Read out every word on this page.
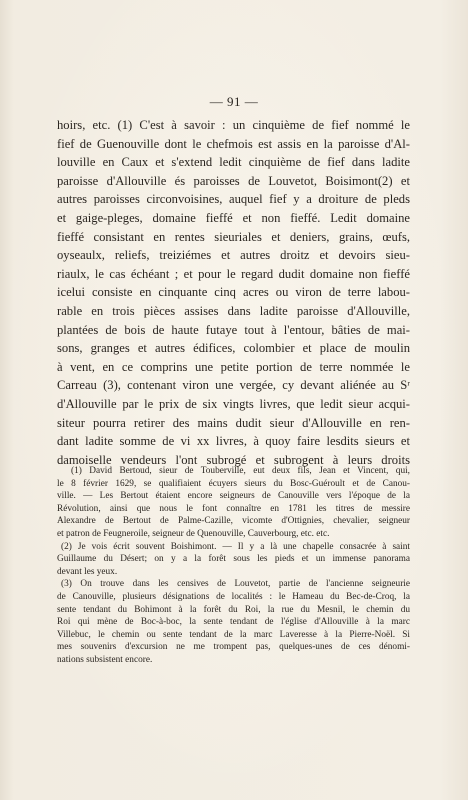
— 91 —
hoirs, etc. (1) C'est à savoir : un cinquième de fief nommé le
fief de Guenouville dont le chefmois est assis en la paroisse d'Al-
louville en Caux et s'extend ledit cinquième de fief dans ladite
paroisse d'Allouville és paroisses de Louvetot, Boisimont(2) et
autres paroisses circonvoisines, auquel fief y a droiture de pleds
et gaige-pleges, domaine fieffé et non fieffé. Ledit domaine
fieffé consistant en rentes sieuriales et deniers, grains, œufs,
oyseaulx, reliefs, treiziémes et autres droitz et devoirs sieu-
riaulx, le cas échéant ; et pour le regard dudit domaine non fieffé
icelui consiste en cinquante cinq acres ou viron de terre labou-
rable en trois pièces assises dans ladite paroisse d'Allouville,
plantées de bois de haute futaye tout à l'entour, bâties de mai-
sons, granges et autres édifices, colombier et place de moulin
à vent, en ce comprins une petite portion de terre nommée le
Carreau (3), contenant viron une vergée, cy devant aliénée au Sʳ
d'Allouville par le prix de six vingts livres, que ledit sieur acqui-
siteur pourra retirer des mains dudit sieur d'Allouville en ren-
dant ladite somme de vi xx livres, à quoy faire lesdits sieurs et
damoiselle vendeurs l'ont subrogé et subrogent à leurs droits
(1) David Bertoud, sieur de Touberville, eut deux fils, Jean et Vincent, qui,
le 8 février 1629, se qualifiaient écuyers sieurs du Bosc-Guéroult et de Canou-
ville. — Les Bertout étaient encore seigneurs de Canouville vers l'époque de la
Révolution, ainsi que nous le font connaître en 1781 les titres de messire
Alexandre de Bertout de Palme-Cazille, vicomte d'Ottignies, chevalier, seigneur
et patron de Feugneroile, seigneur de Quenouville, Cauverbourg, etc. etc.
(2) Je vois écrit souvent Boishimont. — Il y a là une chapelle consacrée à saint
Guillaume du Désert; on y a la forêt sous les pieds et un immense panorama
devant les yeux.
(3) On trouve dans les censives de Louvetot, partie de l'ancienne seigneurie
de Canouville, plusieurs désignations de localités : le Hameau du Bec-de-Croq, la
sente tendant du Bohimont à la forêt du Roi, la rue du Mesnil, le chemin du
Roi qui mène de Boc-à-boc, la sente tendant de l'église d'Allouville à la marc
Villebuc, le chemin ou sente tendant de la marc Laveresse à la Pierre-Noël. Si
mes souvenirs d'excursion ne me trompent pas, quelques-unes de ces dénomi-
nations subsistent encore.
